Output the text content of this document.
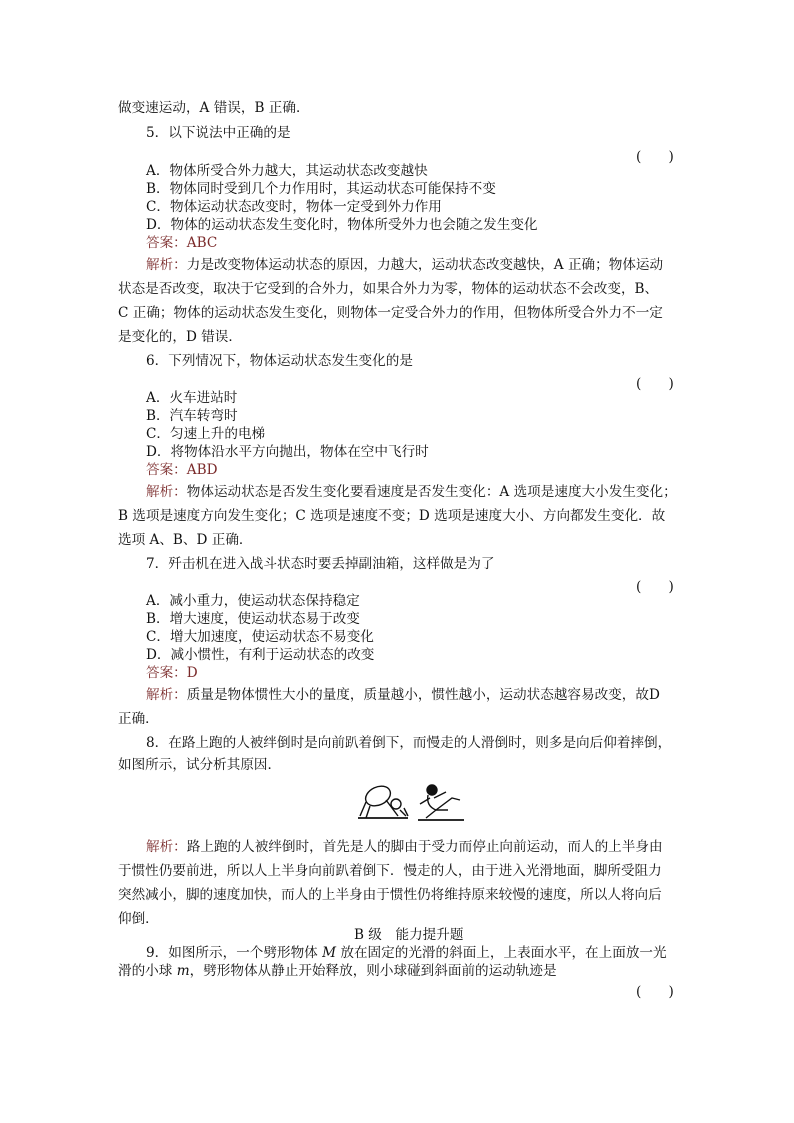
做变速运动，A 错误，B 正确．
5．以下说法中正确的是
(　　)
A．物体所受合外力越大，其运动状态改变越快
B．物体同时受到几个力作用时，其运动状态可能保持不变
C．物体运动状态改变时，物体一定受到外力作用
D．物体的运动状态发生变化时，物体所受外力也会随之发生变化
答案：ABC
解析：力是改变物体运动状态的原因，力越大，运动状态改变越快，A 正确；物体运动
状态是否改变，取决于它受到的合外力，如果合外力为零，物体的运动状态不会改变，B、
C 正确；物体的运动状态发生变化，则物体一定受合外力的作用，但物体所受合外力不一定
是变化的，D 错误．
6．下列情况下，物体运动状态发生变化的是
(　　)
A．火车进站时
B．汽车转弯时
C．匀速上升的电梯
D．将物体沿水平方向抛出，物体在空中飞行时
答案：ABD
解析：物体运动状态是否发生变化要看速度是否发生变化：A 选项是速度大小发生变化；
B 选项是速度方向发生变化；C 选项是速度不变；D 选项是速度大小、方向都发生变化．故
选项 A、B、D 正确．
7．歼击机在进入战斗状态时要丢掉副油箱，这样做是为了
(　　)
A．减小重力，使运动状态保持稳定
B．增大速度，使运动状态易于改变
C．增大加速度，使运动状态不易变化
D．减小惯性，有利于运动状态的改变
答案：D
解析：质量是物体惯性大小的量度，质量越小，惯性越小，运动状态越容易改变，故D
正确．
8．在路上跑的人被绊倒时是向前趴着倒下，而慢走的人滑倒时，则多是向后仰着摔倒，
如图所示，试分析其原因．
解析：路上跑的人被绊倒时，首先是人的脚由于受力而停止向前运动，而人的上半身由
于惯性仍要前进，所以人上半身向前趴着倒下．慢走的人，由于进入光滑地面，脚所受阻力
突然减小，脚的速度加快，而人的上半身由于惯性仍将维持原来较慢的速度，所以人将向后
仰倒．
B 级　能力提升题
9．如图所示，一个劈形物体 M 放在固定的光滑的斜面上，上表面水平，在上面放一光
滑的小球 m，劈形物体从静止开始释放，则小球碰到斜面前的运动轨迹是
(　　)
